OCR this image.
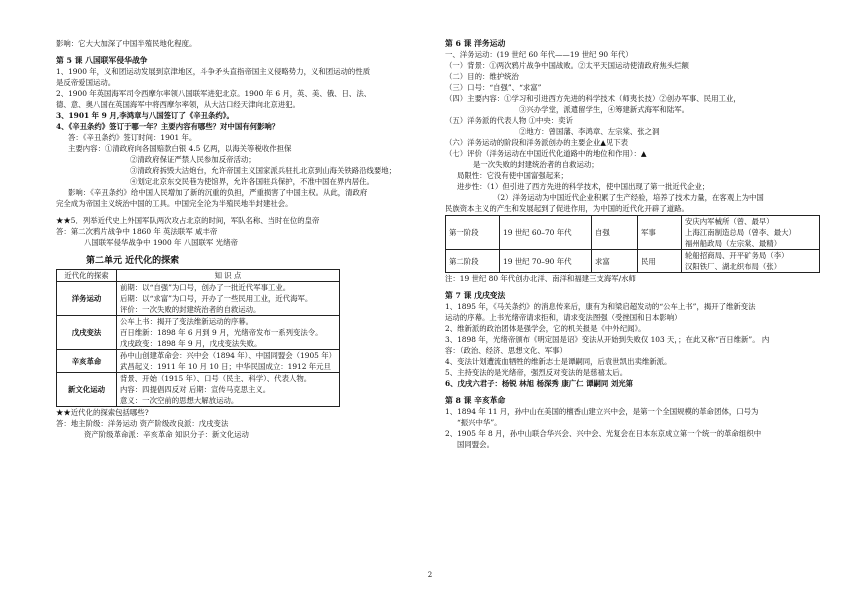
影响：它大大加深了中国半殖民地化程度。
第 5 课 八国联军侵华战争
1、1900 年，义和团运动发展到京津地区，斗争矛头直指帝国主义侵略势力，义和团运动的性质
是反帝爱国运动。
2、1900 年英国海军司令西摩尔率领八国联军进犯北京。1900 年 6 月，英、美、俄、日、法、
德、意、奥八国在英国海军中将西摩尔率领，从大沽口经天津向北京进犯。
3、1901 年 9 月,李鸿章与八国签订了《辛丑条约》。
4、《辛丑条约》签订于哪一年？主要内容有哪些？对中国有何影响？
答：《辛丑条约》签订时间：1901 年。
主要内容：①清政府向各国赔款白银 4.5 亿两，以海关等税收作担保
②清政府保证严禁人民参加反帝活动；
③清政府拆毁大沽炮台，允许帝国主义国家派兵驻扎北京到山海关铁路沿线要地；
④划定北京东交民巷为使馆界，允许各国驻兵保护，不准中国在界内居住。
影响：《辛丑条约》给中国人民增加了新的沉重的负担，严重损害了中国主权。从此，清政府
完全成为帝国主义统治中国的工具。中国完全沦为半殖民地半封建社会。
★★5．列举近代史上外国军队两次攻占北京的时间，军队名称、当时在位的皇帝
答：第二次鸦片战争中 1860 年 英法联军 咸丰帝
八国联军侵华战争中 1900 年 八国联军 光绪帝
第二单元 近代化的探索
近代化的探索	知 识 点
洋务运动	前期：以“自强”为口号，创办了一批近代军事工业。
后期：以“求富”为口号，开办了一些民用工业，近代海军。
评价：一次失败的封建统治者的自救运动。

戊戌变法	公车上书：揭开了变法维新运动的序幕。
百日维新：1898 年 6 月到 9 月，光绪帝发布一系列变法令。
戊戌政变：1898 年 9 月，戊戌变法失败。

辛亥革命	孙中山创建革命会：兴中会（1894 年）、中国同盟会（1905 年）
武昌起义：1911 年 10 月 10 日；中华民国成立：1912 年元旦

新文化运动	背景、开始（1915 年）、口号（民主、科学）、代表人物。
内容：四提倡四反对 后期：宣传马克思主义。
意义：一次空前的思想大解放运动。
★★近代化的探索包括哪些?
答：地主阶级：洋务运动 资产阶级改良派：戊戌变法
资产阶级革命派：辛亥革命 知识分子：新文化运动
第 6 课 洋务运动
一、洋务运动：(19 世纪 60 年代——19 世纪 90 年代）
（一）背景：①两次鸦片战争中国战败。②太平天国运动使清政府焦头烂额
（二）目的：维护统治
（三）口号：“自强”、“求富”
（四）主要内容：①学习和引进西方先进的科学技术（师夷长技）②创办军事、民用工业，
③兴办学堂，派遣留学生，④筹建新式海军和陆军。
（五）洋务派的代表人物 ①中央：奕䜣
②地方：曾国藩、李鸿章、左宗棠、张之洞
（六）洋务运动的阶段和洋务派创办的主要企业▲见下表
（七）评价（洋务运动在中国近代化道路中的地位和作用）：▲
是一次失败的封建统治者的自救运动；
局限性：它没有使中国富强起来；
进步性：（1）但引进了西方先进的科学技术，使中国出现了第一批近代企业；
（2）洋务运动为中国近代企业积累了生产经验，培养了技术力量，在客观上为中国
民族资本主义的产生和发展起到了促进作用，为中国的近代化开辟了道路。
第一阶段	19 世纪 60–70 年代	自强	军事	安庆内军械所（曾、最早）
上海江南制造总局（曾李、最大）
福州船政局（左宗棠、最精）

第二阶段	19 世纪 70–90 年代	求富	民用	轮船招商局、开平矿务局（李）
汉阳铁厂、湖北织布局（张）
注：19 世纪 80 年代创办北洋、南洋和福建三支海军/水师
第 7 课 戊戌变法
1、1895 年，《马关条约》的消息传来后，康有为和梁启超发动的“公车上书”，揭开了维新变法
运动的序幕。上书光绪帝请求拒和，请求变法图强（受挫国和日本影响）
2、维新派的政治团体是强学会，它的机关报是《中外纪闻》。
3、1898 年，光绪帝颁布《明定国是诏》变法从开始到失败仅 103 天，；在此又称“百日维新”。 内
容：（政治、经济、思想文化、军事）
4、变法计划遭流血牺牲的维新志士是谭嗣同，后袁世凯出卖维新派。
5、主持变法的是光绪帝，强烈反对变法的是慈禧太后。
6、戊戌六君子：杨锐 林旭 杨深秀 康广仁 谭嗣同 刘光第
第 8 课 辛亥革命
1、1894 年 11 月，孙中山在美国的檀香山建立兴中会，是第一个全国规模的革命团体，口号为
“振兴中华”。
2、1905 年 8 月，孙中山联合华兴会、兴中会、光复会在日本东京成立第一个统一的革命组织中
国同盟会。
2
